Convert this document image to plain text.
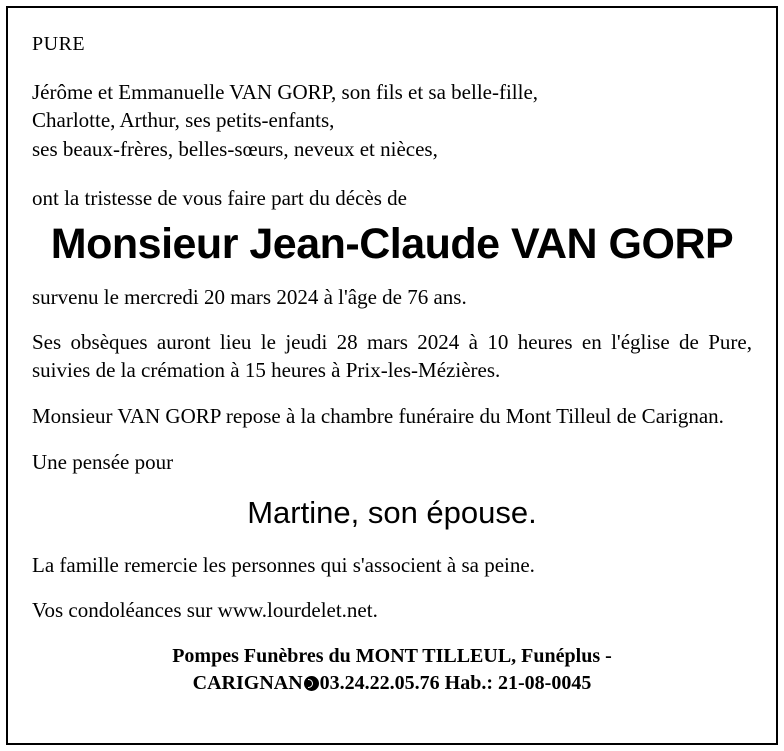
PURE
Jérôme et Emmanuelle VAN GORP, son fils et sa belle-fille,
Charlotte, Arthur, ses petits-enfants,
ses beaux-frères, belles-sœurs, neveux et nièces,
ont la tristesse de vous faire part du décès de
Monsieur Jean-Claude VAN GORP
survenu le mercredi 20 mars 2024 à l'âge de 76 ans.
Ses obsèques auront lieu le jeudi 28 mars 2024 à 10 heures en l'église de Pure, suivies de la crémation à 15 heures à Prix-les-Mézières.
Monsieur VAN GORP repose à la chambre funéraire du Mont Tilleul de Carignan.
Une pensée pour
Martine, son épouse.
La famille remercie les personnes qui s'associent à sa peine.
Vos condoléances sur www.lourdelet.net.
Pompes Funèbres du MONT TILLEUL, Funéplus -
CARIGNAN 03.24.22.05.76 Hab.: 21-08-0045
